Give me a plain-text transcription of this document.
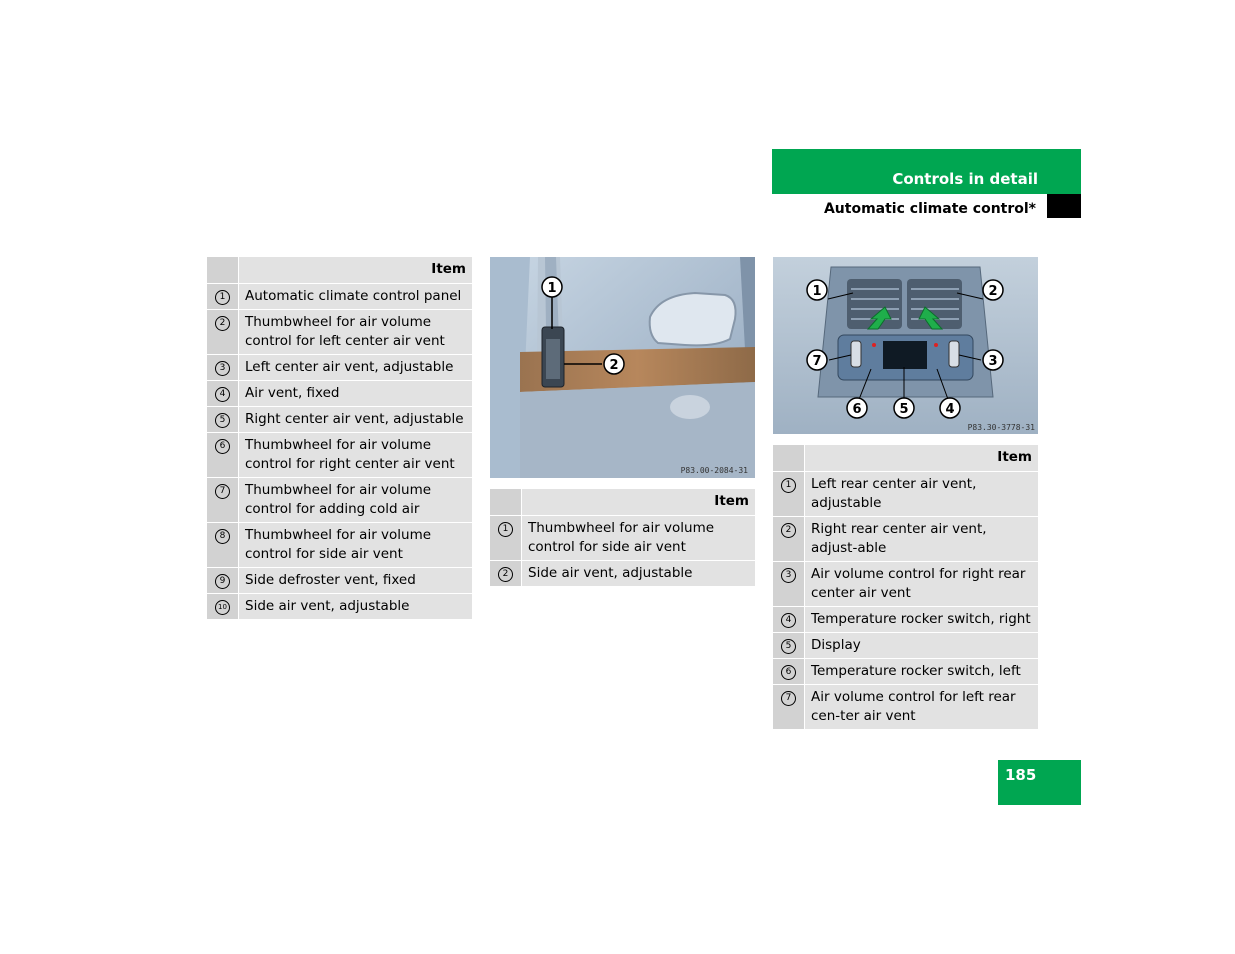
Controls in detail
Automatic climate control*
	Item
1	Automatic climate control panel
2	Thumbwheel for air volume control for left center air vent
3	Left center air vent, adjustable
4	Air vent, fixed
5	Right center air vent, adjustable
6	Thumbwheel for air volume control for right center air vent
7	Thumbwheel for air volume control for adding cold air
8	Thumbwheel for air volume control for side air vent
9	Side defroster vent, fixed
10	Side air vent, adjustable
1
2
P83.00-2084-31
	Item
1	Thumbwheel for air volume control for side air vent
2	Side air vent, adjustable
1	2
7	3
6	5	4
P83.30-3778-31
	Item
1	Left rear center air vent, adjustable
2	Right rear center air vent, adjust-able
3	Air volume control for right rear center air vent
4	Temperature rocker switch, right
5	Display
6	Temperature rocker switch, left
7	Air volume control for left rear cen-ter air vent
185
